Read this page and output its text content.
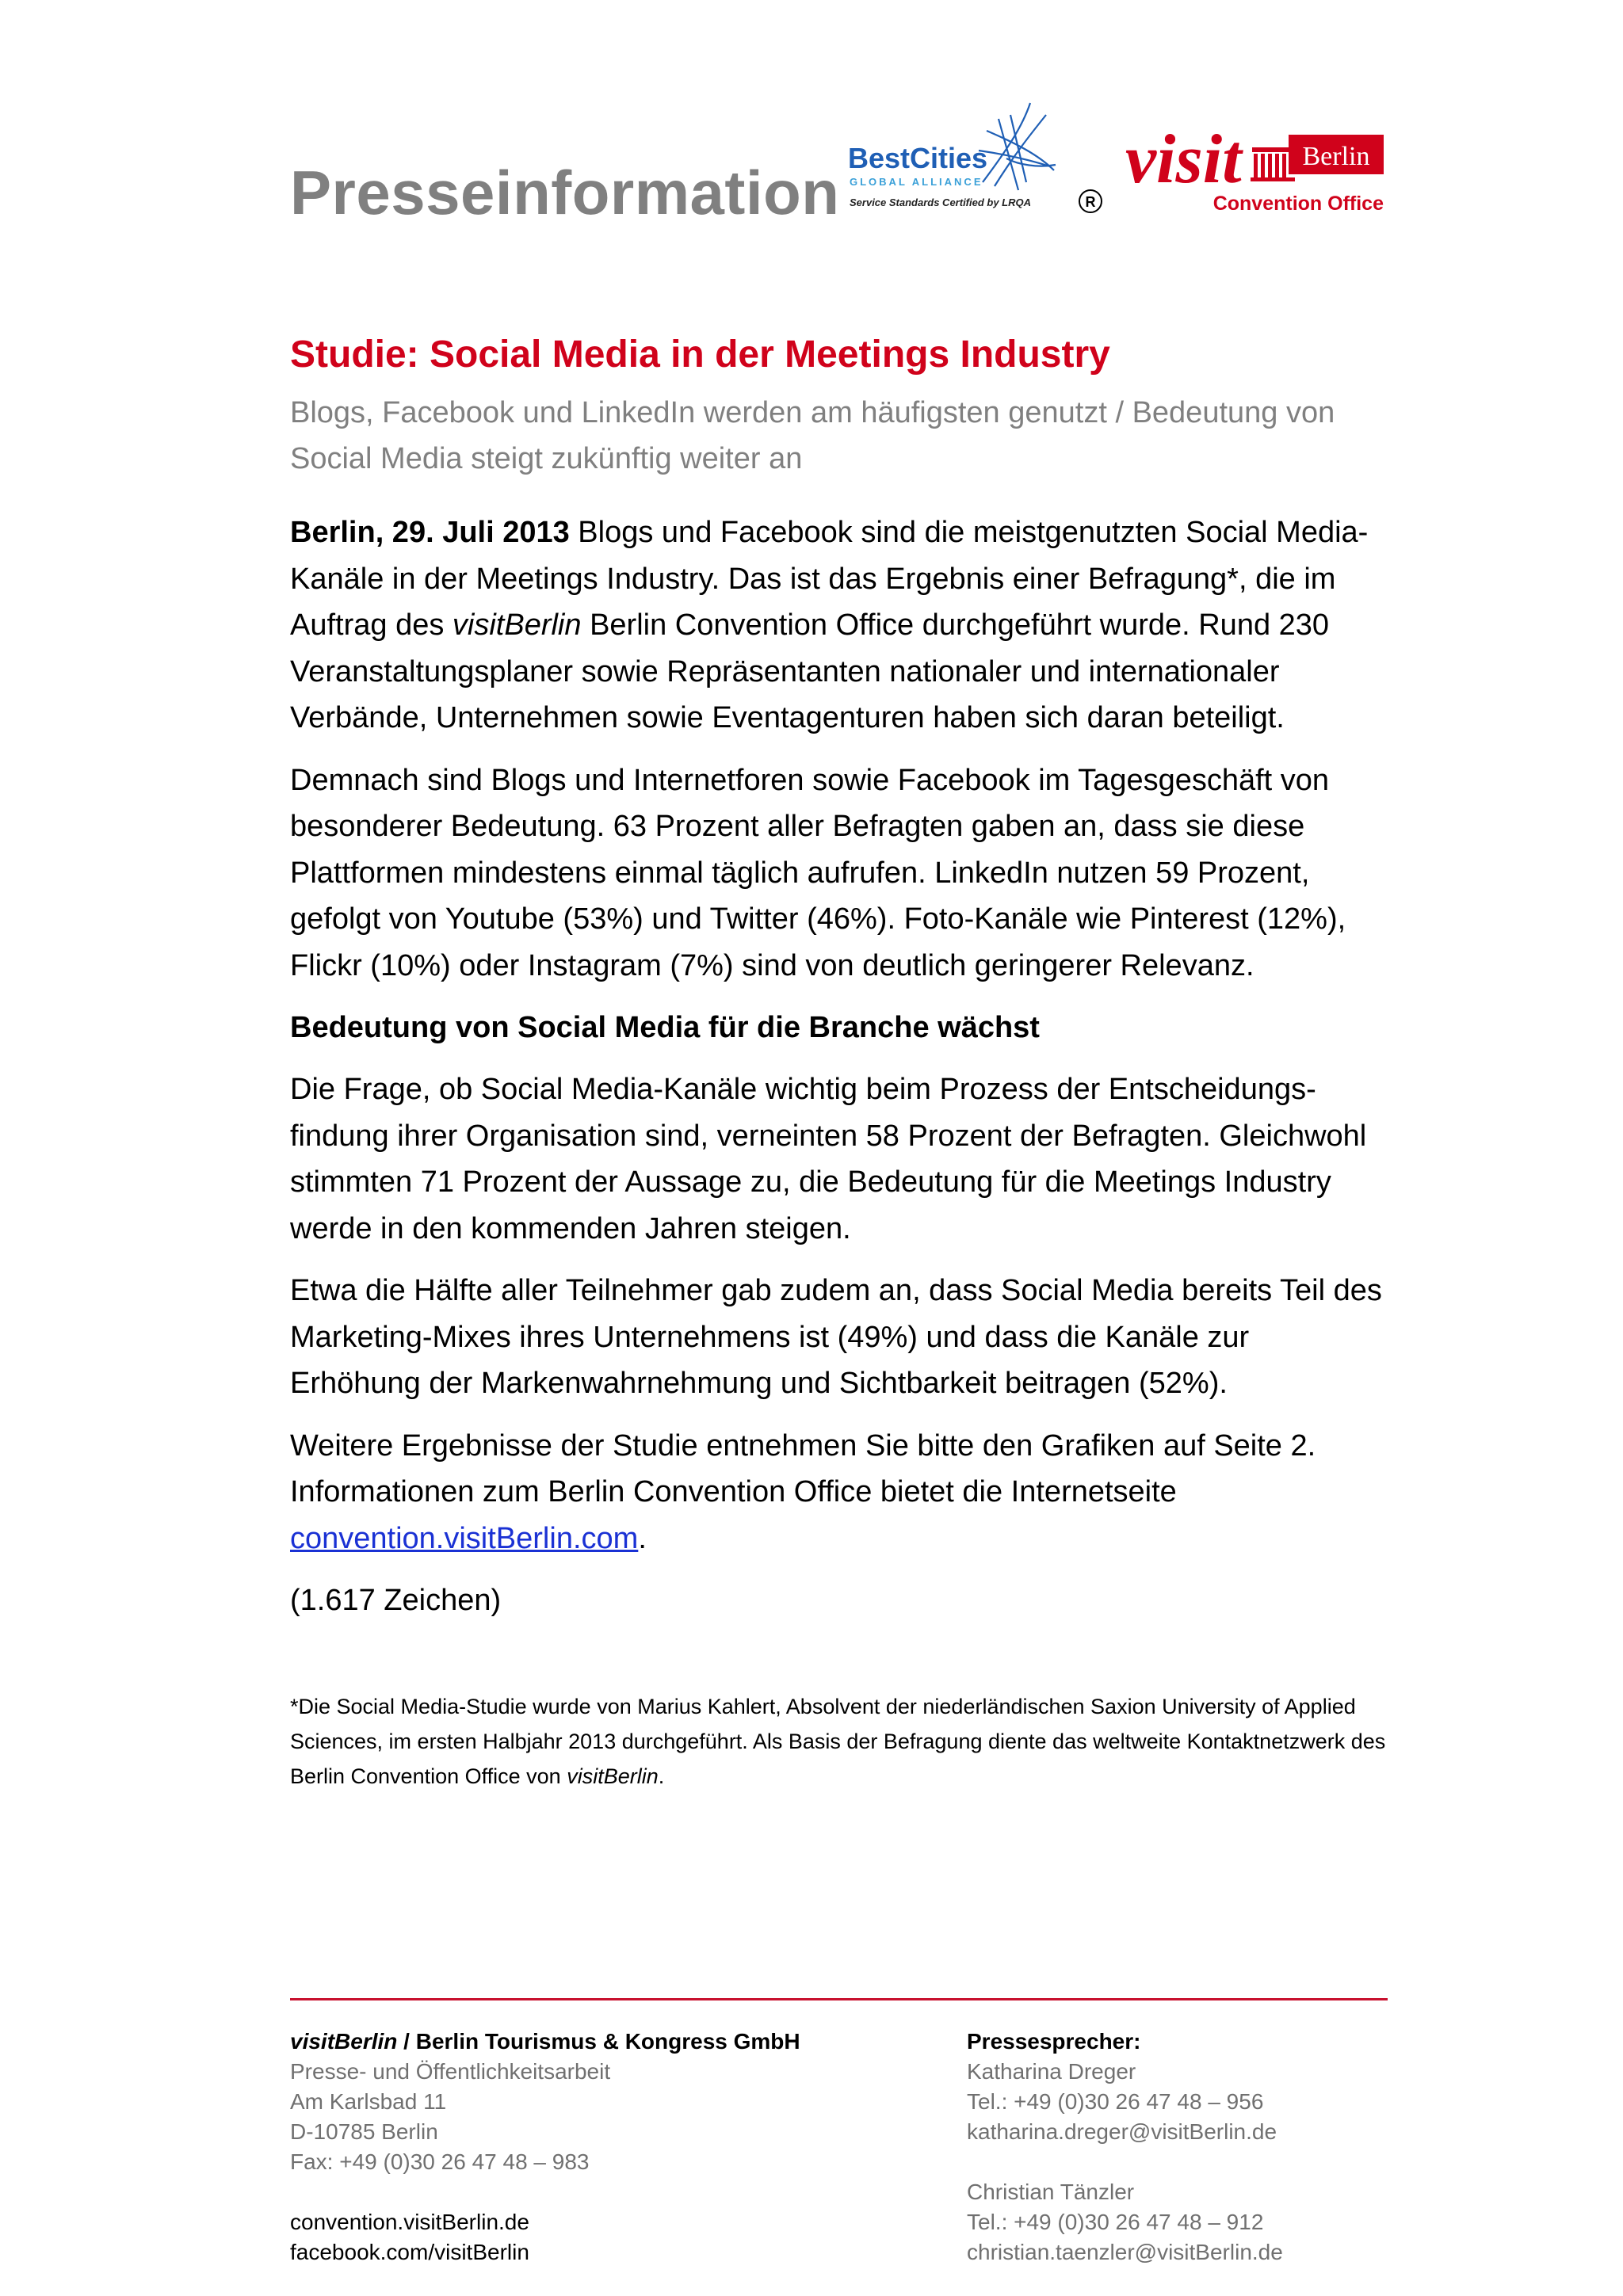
Presseinformation BestCities
GLOBAL ALLIANCE
Service Standards Certified by LRQA	R
visit Berlin
Convention Office
Studie: Social Media in der Meetings Industry
Blogs, Facebook und LinkedIn werden am häufigsten genutzt / Bedeutung von Social Media steigt zukünftig weiter an

Berlin, 29. Juli 2013 Blogs und Facebook sind die meistgenutzten Social Media-Kanäle in der Meetings Industry. Das ist das Ergebnis einer Befragung*, die im Auftrag des visitBerlin Berlin Convention Office durchgeführt wurde. Rund 230 Veranstaltungsplaner sowie Repräsentanten nationaler und internationaler Verbände, Unternehmen sowie Eventagenturen haben sich daran beteiligt.

Demnach sind Blogs und Internetforen sowie Facebook im Tagesgeschäft von besonderer Bedeutung. 63 Prozent aller Befragten gaben an, dass sie diese Plattformen mindestens einmal täglich aufrufen. LinkedIn nutzen 59 Prozent, gefolgt von Youtube (53%) und Twitter (46%). Foto-Kanäle wie Pinterest (12%), Flickr (10%) oder Instagram (7%) sind von deutlich geringerer Relevanz.

Bedeutung von Social Media für die Branche wächst

Die Frage, ob Social Media-Kanäle wichtig beim Prozess der Entscheidungs-findung ihrer Organisation sind, verneinten 58 Prozent der Befragten. Gleichwohl stimmten 71 Prozent der Aussage zu, die Bedeutung für die Meetings Industry werde in den kommenden Jahren steigen.

Etwa die Hälfte aller Teilnehmer gab zudem an, dass Social Media bereits Teil des Marketing-Mixes ihres Unternehmens ist (49%) und dass die Kanäle zur Erhöhung der Markenwahrnehmung und Sichtbarkeit beitragen (52%).

Weitere Ergebnisse der Studie entnehmen Sie bitte den Grafiken auf Seite 2. Informationen zum Berlin Convention Office bietet die Internetseite convention.visitBerlin.com.

(1.617 Zeichen)

*Die Social Media-Studie wurde von Marius Kahlert, Absolvent der niederländischen Saxion University of Applied Sciences, im ersten Halbjahr 2013 durchgeführt. Als Basis der Befragung diente das weltweite Kontaktnetzwerk des Berlin Convention Office von visitBerlin.
visitBerlin / Berlin Tourismus & Kongress GmbH
Presse- und Öffentlichkeitsarbeit
Am Karlsbad 11
D-10785 Berlin
Fax: +49 (0)30 26 47 48 – 983
convention.visitBerlin.de
facebook.com/visitBerlin
Pressesprecher:
Katharina Dreger
Tel.: +49 (0)30 26 47 48 – 956
katharina.dreger@visitBerlin.de
Christian Tänzler
Tel.: +49 (0)30 26 47 48 – 912
christian.taenzler@visitBerlin.de
